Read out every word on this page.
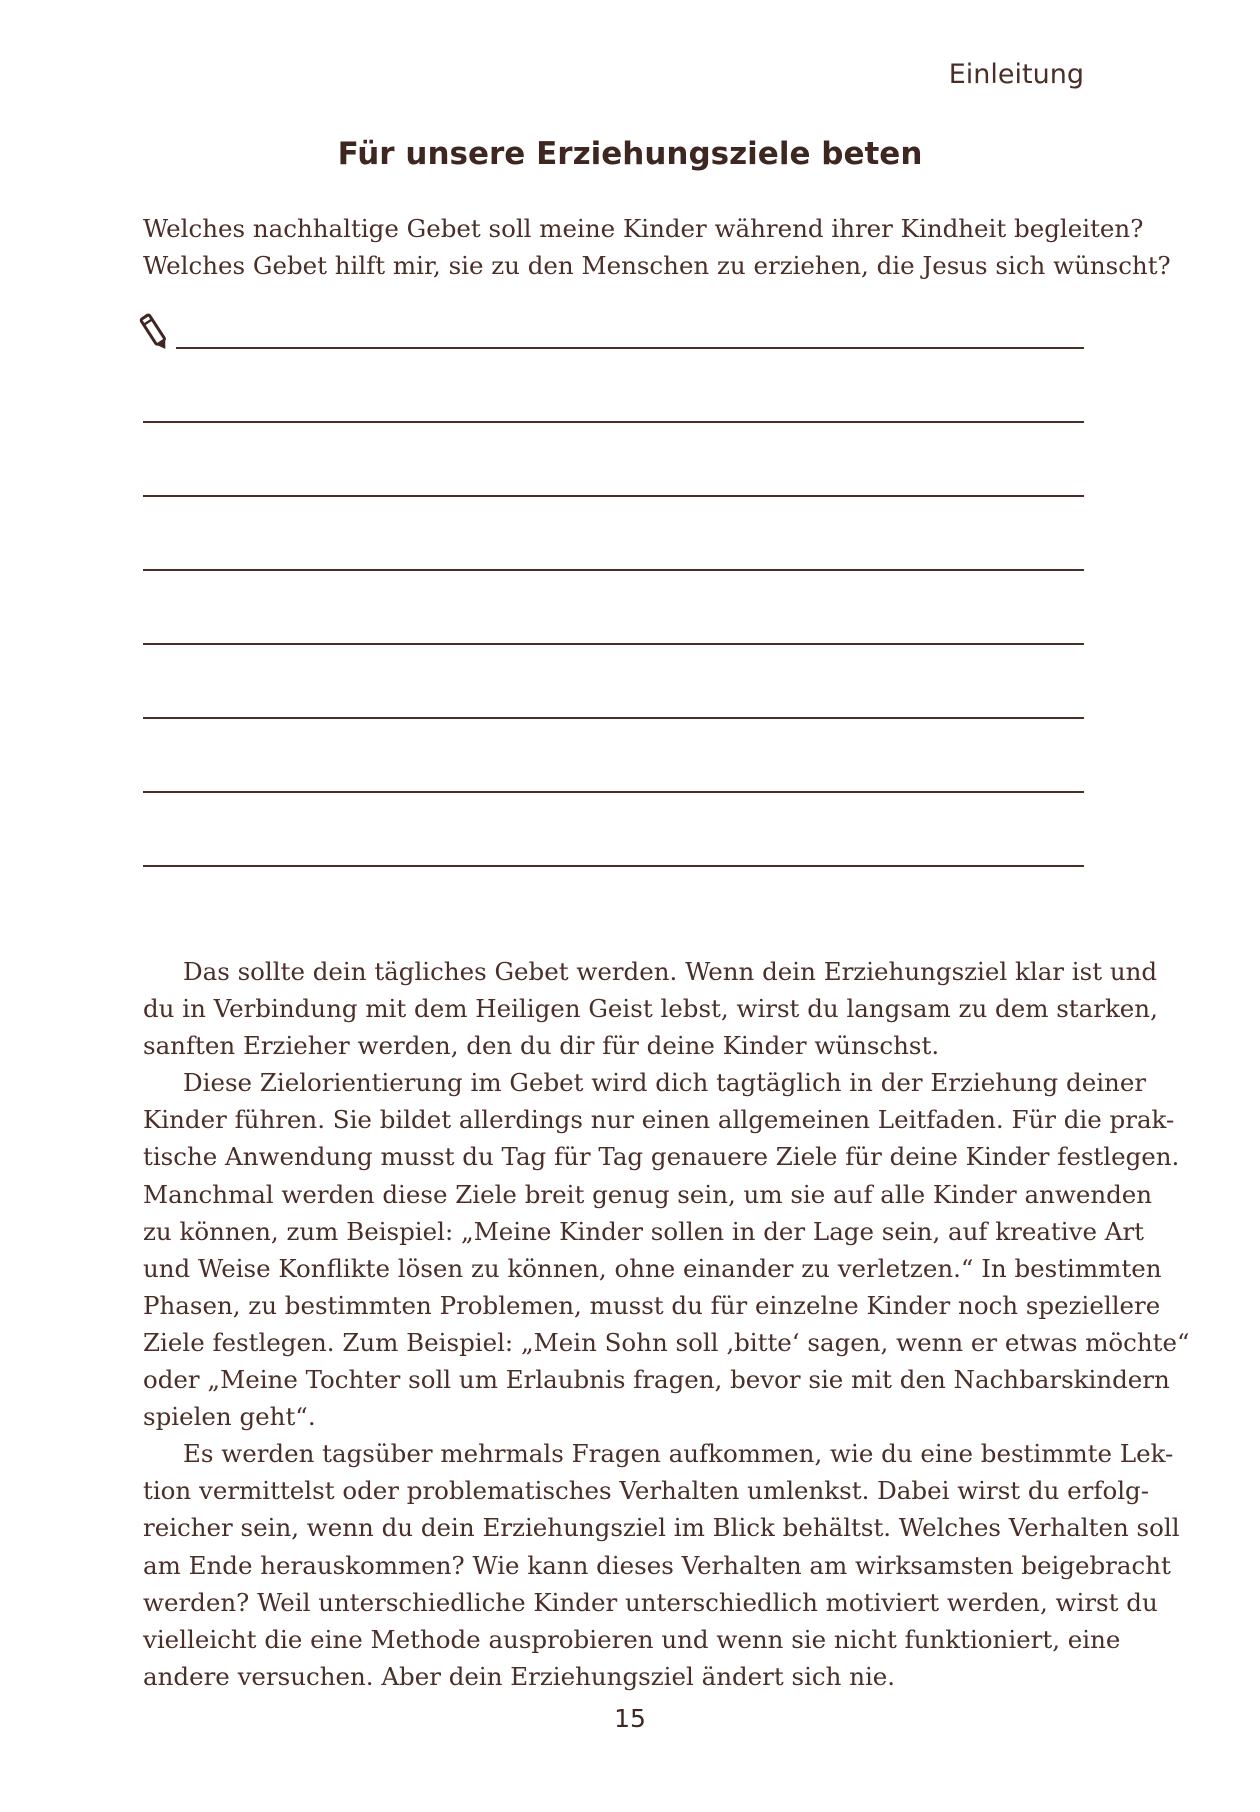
Einleitung
Für unsere Erziehungsziele beten

Welches nachhaltige Gebet soll meine Kinder während ihrer Kindheit begleiten?
Welches Gebet hilft mir, sie zu den Menschen zu erziehen, die Jesus sich wünscht?

Das sollte dein tägliches Gebet werden. Wenn dein Erziehungsziel klar ist und
du in Verbindung mit dem Heiligen Geist lebst, wirst du langsam zu dem starken,
sanften Erzieher werden, den du dir für deine Kinder wünschst.
Diese Zielorientierung im Gebet wird dich tagtäglich in der Erziehung deiner
Kinder führen. Sie bildet allerdings nur einen allgemeinen Leitfaden. Für die prak-
tische Anwendung musst du Tag für Tag genauere Ziele für deine Kinder festlegen.
Manchmal werden diese Ziele breit genug sein, um sie auf alle Kinder anwenden
zu können, zum Beispiel: „Meine Kinder sollen in der Lage sein, auf kreative Art
und Weise Konflikte lösen zu können, ohne einander zu verletzen.“ In bestimmten
Phasen, zu bestimmten Problemen, musst du für einzelne Kinder noch speziellere
Ziele festlegen. Zum Beispiel: „Mein Sohn soll ‚bitte‘ sagen, wenn er etwas möchte“
oder „Meine Tochter soll um Erlaubnis fragen, bevor sie mit den Nachbarskindern
spielen geht“.
Es werden tagsüber mehrmals Fragen aufkommen, wie du eine bestimmte Lek-
tion vermittelst oder problematisches Verhalten umlenkst. Dabei wirst du erfolg-
reicher sein, wenn du dein Erziehungsziel im Blick behältst. Welches Verhalten soll
am Ende herauskommen? Wie kann dieses Verhalten am wirksamsten beigebracht
werden? Weil unterschiedliche Kinder unterschiedlich motiviert werden, wirst du
vielleicht die eine Methode ausprobieren und wenn sie nicht funktioniert, eine
andere versuchen. Aber dein Erziehungsziel ändert sich nie.
15
